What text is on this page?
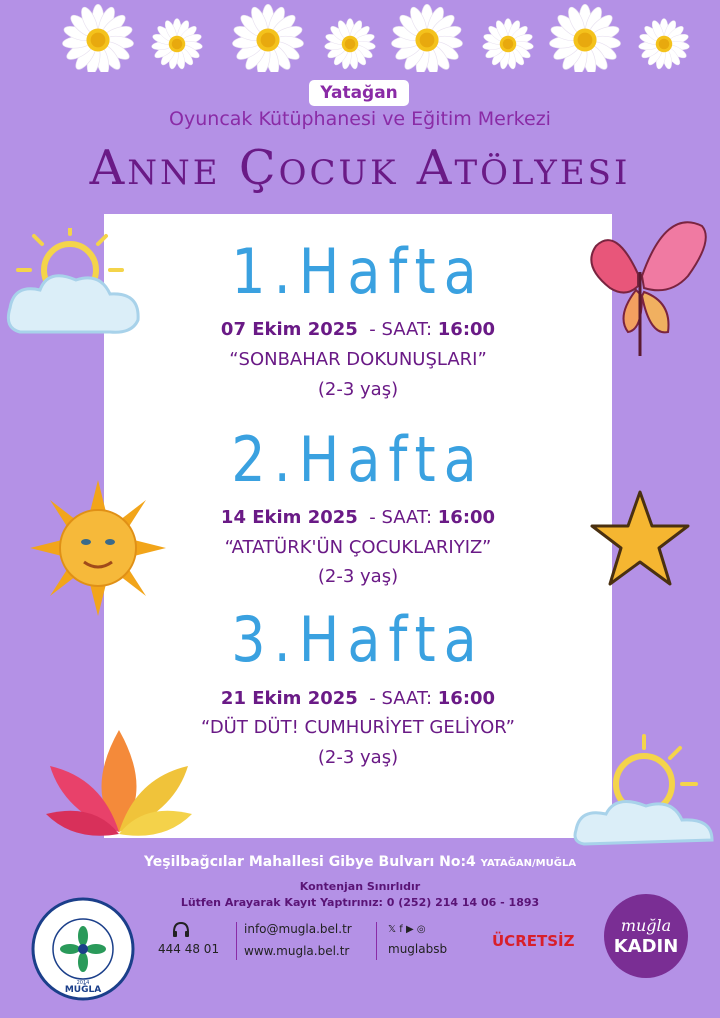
Yatağan
Oyuncak Kütüphanesi ve Eğitim Merkezi
Anne Çocuk Atölyesi
1.Hafta
07 Ekim 2025 - SAAT: 16:00
“SONBAHAR DOKUNUŞLARI”
(2-3 yaş)
2.Hafta
14 Ekim 2025 - SAAT: 16:00
“ATATÜRK'ÜN ÇOCUKLARIYIZ”
(2-3 yaş)
3.Hafta
21 Ekim 2025 - SAAT: 16:00
“DÜT DÜT! CUMHURİYET GELİYOR”
(2-3 yaş)
Yeşilbağcılar Mahallesi Gibye Bulvarı No:4 YATAĞAN/MUĞLA
Kontenjan Sınırlıdır
Lütfen Arayarak Kayıt Yaptırınız: 0 (252) 214 14 06 - 1893
MUĞLA
2014
444 48 01
info@mugla.bel.tr
www.mugla.bel.tr
𝕏 f ▶ ◎
muglabsb	ÜCRETSİZ
muğla
KADIN
